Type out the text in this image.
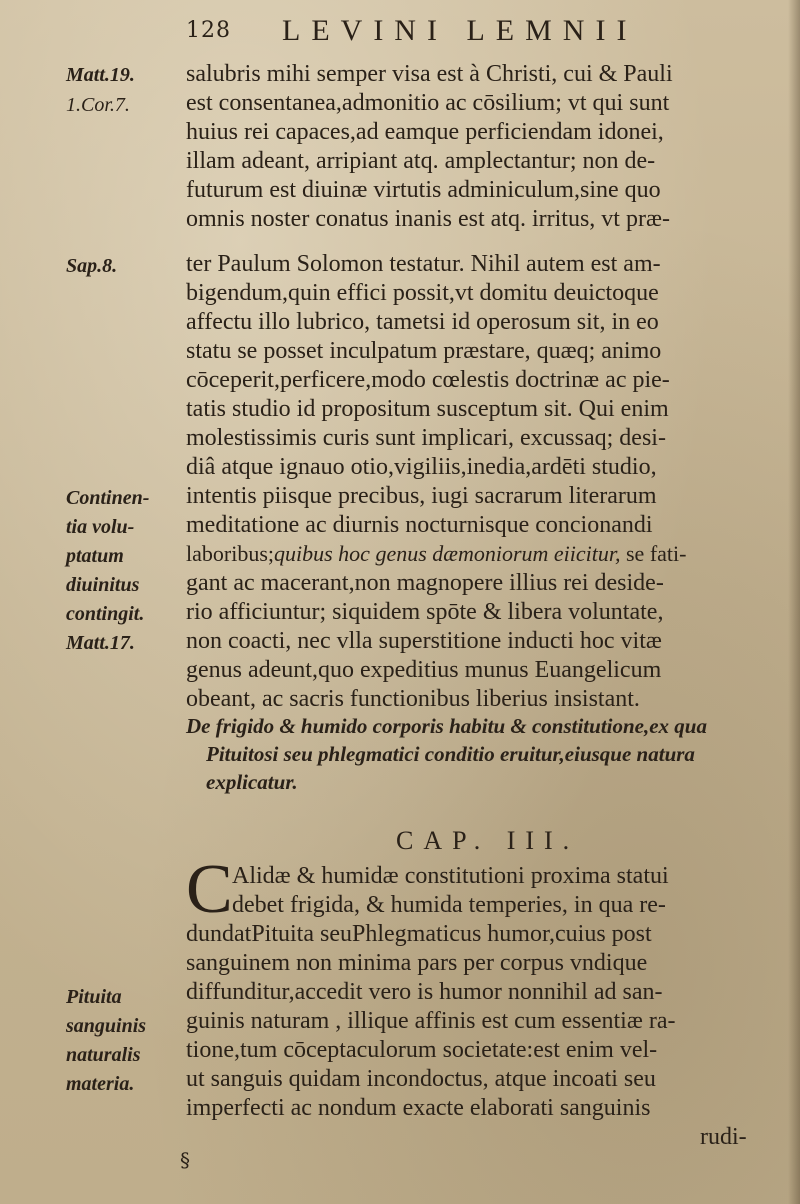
128 LEVINI LEMNII
Matt.19.
1.Cor.7.
Sap.8.
Continen-
tia volu-
ptatum
diuinitus
contingit.
Matt.17.
Pituita
sanguinis
naturalis
materia.
salubris mihi semper visa est à Christi, cui & Pauli
est consentanea,admonitio ac cōsilium; vt qui sunt
huius rei capaces,ad eamque perficiendam idonei,
illam adeant, arripiant atq. amplectantur; non de-
futurum est diuinæ virtutis adminiculum,sine quo
omnis noster conatus inanis est atq. irritus, vt præ-
ter Paulum Solomon testatur. Nihil autem est am-
bigendum,quin effici possit,vt domitu deuictoque
affectu illo lubrico, tametsi id operosum sit, in eo
statu se posset inculpatum præstare, quæq; animo
cōceperit,perficere,modo cœlestis doctrinæ ac pie-
tatis studio id propositum susceptum sit. Qui enim
molestissimis curis sunt implicari, excussaq; desi-
diâ atque ignauo otio,vigiliis,inedia,ardēti studio,
intentis piisque precibus, iugi sacrarum literarum
meditatione ac diurnis nocturnisque concionandi
laboribus;quibus hoc genus dæmoniorum eiicitur, se fati-
gant ac macerant,non magnopere illius rei deside-
rio afficiuntur; siquidem spōte & libera voluntate,
non coacti, nec vlla superstitione inducti hoc vitæ
genus adeunt,quo expeditius munus Euangelicum
obeant, ac sacris functionibus liberius insistant.
De frigido & humido corporis habitu & constitutione,ex qua
Pituitosi seu phlegmatici conditio eruitur,eiusque natura
explicatur.
CAP. III.
C Alidæ & humidæ constitutioni proxima statui
debet frigida, & humida temperies, in qua re-
dundatPituita seuPhlegmaticus humor,cuius post
sanguinem non minima pars per corpus vndique
diffunditur,accedit vero is humor nonnihil ad san-
guinis naturam , illique affinis est cum essentiæ ra-
tione,tum cōceptaculorum societate:est enim vel-
ut sanguis quidam incondoctus, atque incoati seu
imperfecti ac nondum exacte elaborati sanguinis
rudi-
§
